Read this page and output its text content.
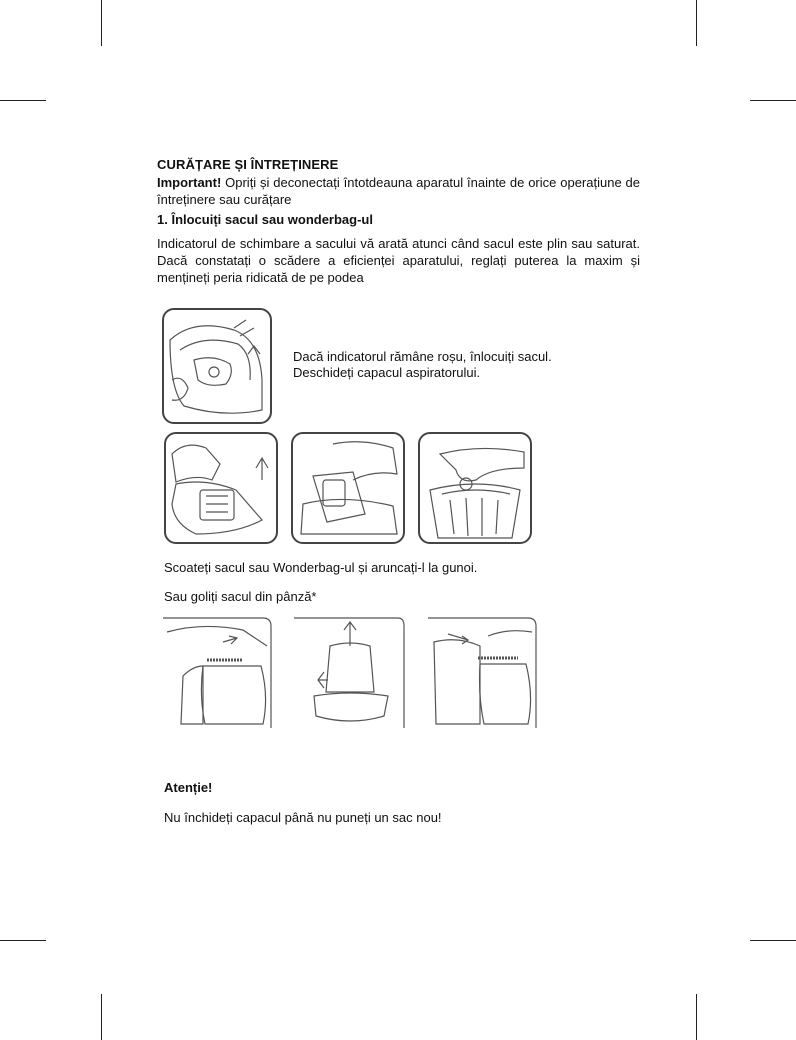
CURĂȚARE ȘI ÎNTREȚINERE
Important! Opriți și deconectați întotdeauna aparatul înainte de orice operațiune de întreținere sau curățare
1. Înlocuiți sacul sau wonderbag-ul
Indicatorul de schimbare a sacului vă arată atunci când sacul este plin sau saturat. Dacă constatați o scădere a eficienței aparatului, reglați puterea la maxim și mențineți peria ridicată de pe podea
Dacă indicatorul rămâne roșu, înlocuiți sacul.
Deschideți capacul aspiratorului.
Scoateți sacul sau Wonderbag-ul și aruncați-l la gunoi.
Sau goliți sacul din pânză*
Atenție!
Nu închideți capacul până nu puneți un sac nou!
